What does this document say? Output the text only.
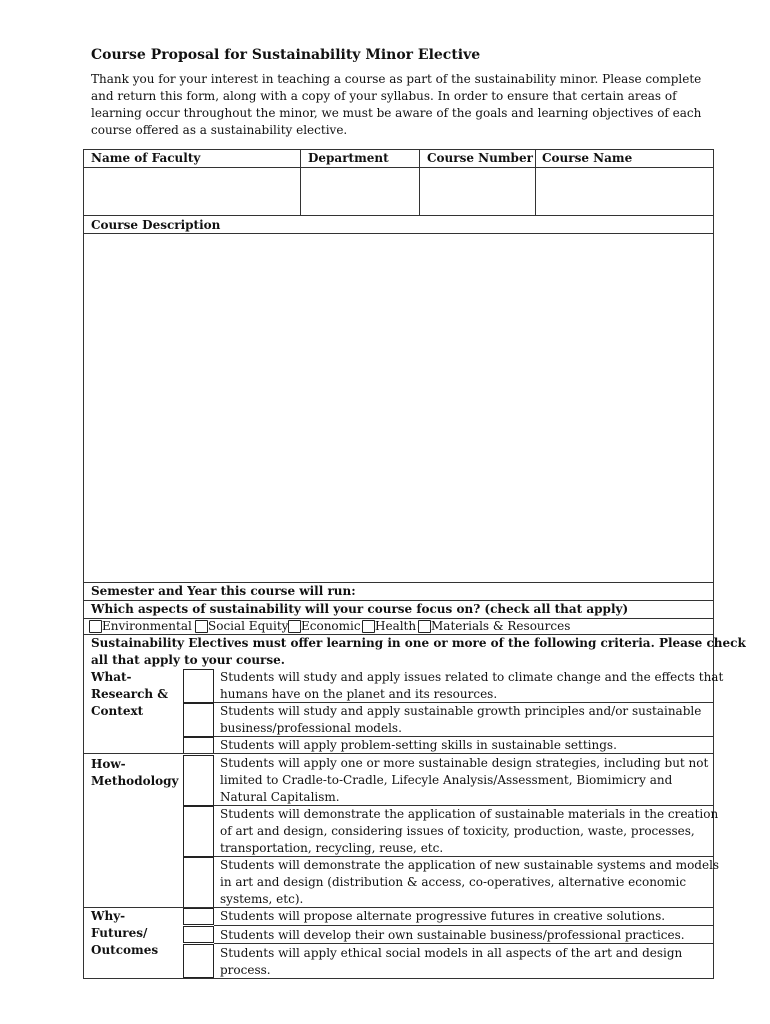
Course Proposal for Sustainability Minor Elective
Thank you for your interest in teaching a course as part of the sustainability minor. Please complete
and return this form, along with a copy of your syllabus. In order to ensure that certain areas of
learning occur throughout the minor, we must be aware of the goals and learning objectives of each
course offered as a sustainability elective.
Name of Faculty	Department	Course Number Course Name
Course Description
Semester and Year this course will run:
Which aspects of sustainability will your course focus on? (check all that apply)
Environmental Social Equity Economic Health Materials & Resources
Sustainability Electives must offer learning in one or more of the following criteria. Please check
all that apply to your course.
What-
Research &
Context
How-
Methodology
Why-
Futures/
Outcomes
Students will study and apply issues related to climate change and the effects that
humans have on the planet and its resources.
Students will study and apply sustainable growth principles and/or sustainable
business/professional models.
Students will apply problem-setting skills in sustainable settings.
Students will apply one or more sustainable design strategies, including but not
limited to Cradle-to-Cradle, Lifecyle Analysis/Assessment, Biomimicry and
Natural Capitalism.
Students will demonstrate the application of sustainable materials in the creation
of art and design, considering issues of toxicity, production, waste, processes,
transportation, recycling, reuse, etc.
Students will demonstrate the application of new sustainable systems and models
in art and design (distribution & access, co-operatives, alternative economic
systems, etc).
Students will propose alternate progressive futures in creative solutions.
Students will develop their own sustainable business/professional practices.
Students will apply ethical social models in all aspects of the art and design
process.
